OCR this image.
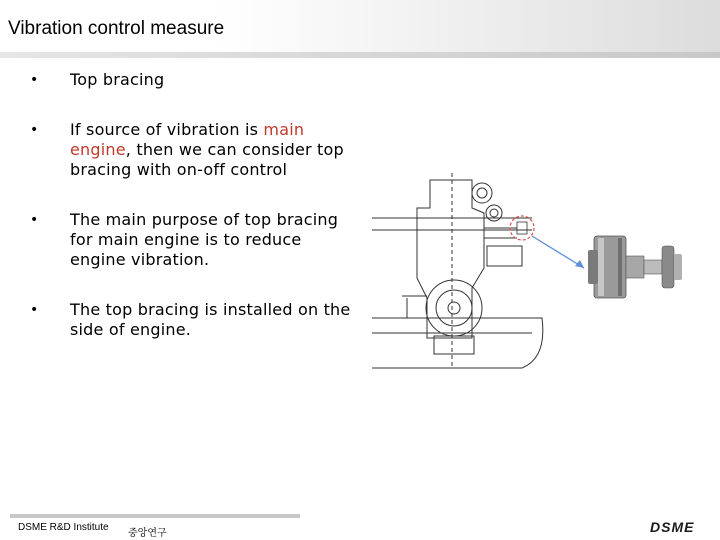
Vibration control measure
• Top bracing
• If source of vibration is main engine, then we can consider top bracing with on-off control
• The main purpose of top bracing for main engine is to reduce engine vibration.
• The top bracing is installed on the side of engine.
DSME R&D Institute
중앙연구	DSME
